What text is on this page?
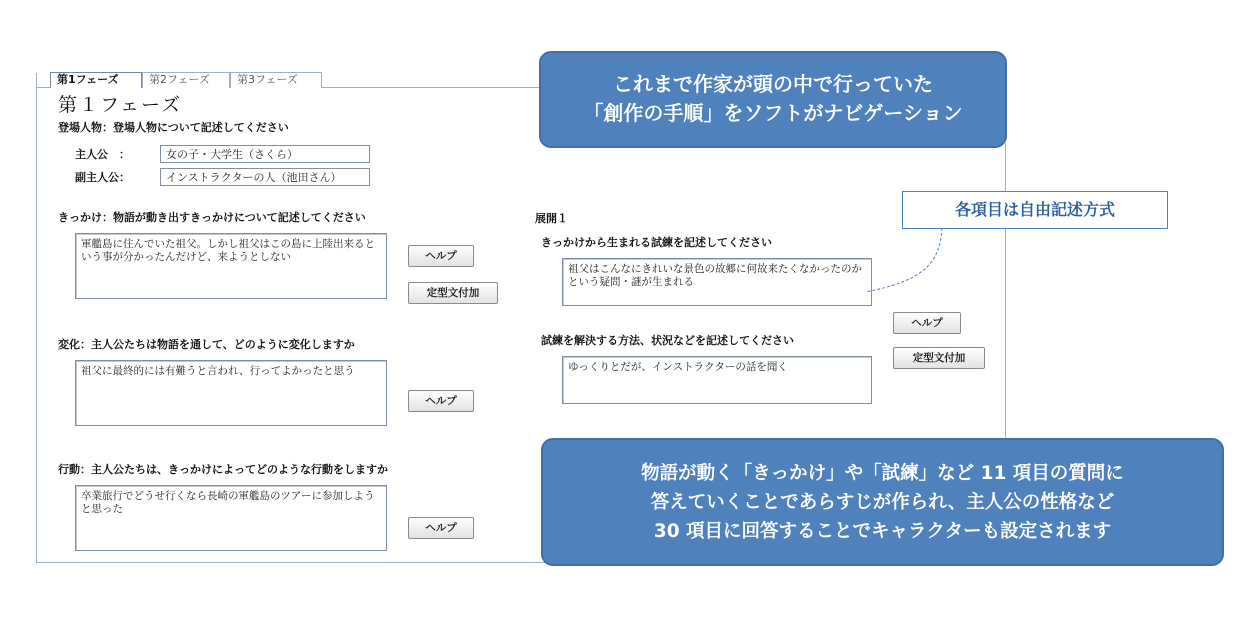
第1フェーズ	第2フェーズ	第3フェーズ
第１フェーズ
登場人物：登場人物について記述してください
主人公　：	女の子・大学生（さくら）
副主人公：	インストラクターの人（池田さん）
きっかけ：物語が動き出すきっかけについて記述してください
軍艦島に住んでいた祖父。しかし祖父はこの島に上陸出来るという事が分かったんだけど、来ようとしない	ヘルプ
定型文付加
変化：主人公たちは物語を通して、どのように変化しますか
祖父に最終的には有難うと言われ、行ってよかったと思う
ヘルプ
行動：主人公たちは、きっかけによってどのような行動をしますか
卒業旅行でどうせ行くなら長崎の軍艦島のツアーに参加しようと思った
ヘルプ
展開１
きっかけから生まれる試練を記述してください
祖父はこんなにきれいな景色の故郷に何故来たくなかったのかという疑問・謎が生まれる
ヘルプ
定型文付加
試練を解決する方法、状況などを記述してください
ゆっくりとだが、インストラクターの話を聞く
これまで作家が頭の中で行っていた
「創作の手順」をソフトがナビゲーション
各項目は自由記述方式
物語が動く「きっかけ」や「試練」など 11 項目の質問に
答えていくことであらすじが作られ、主人公の性格など
30 項目に回答することでキャラクターも設定されます
